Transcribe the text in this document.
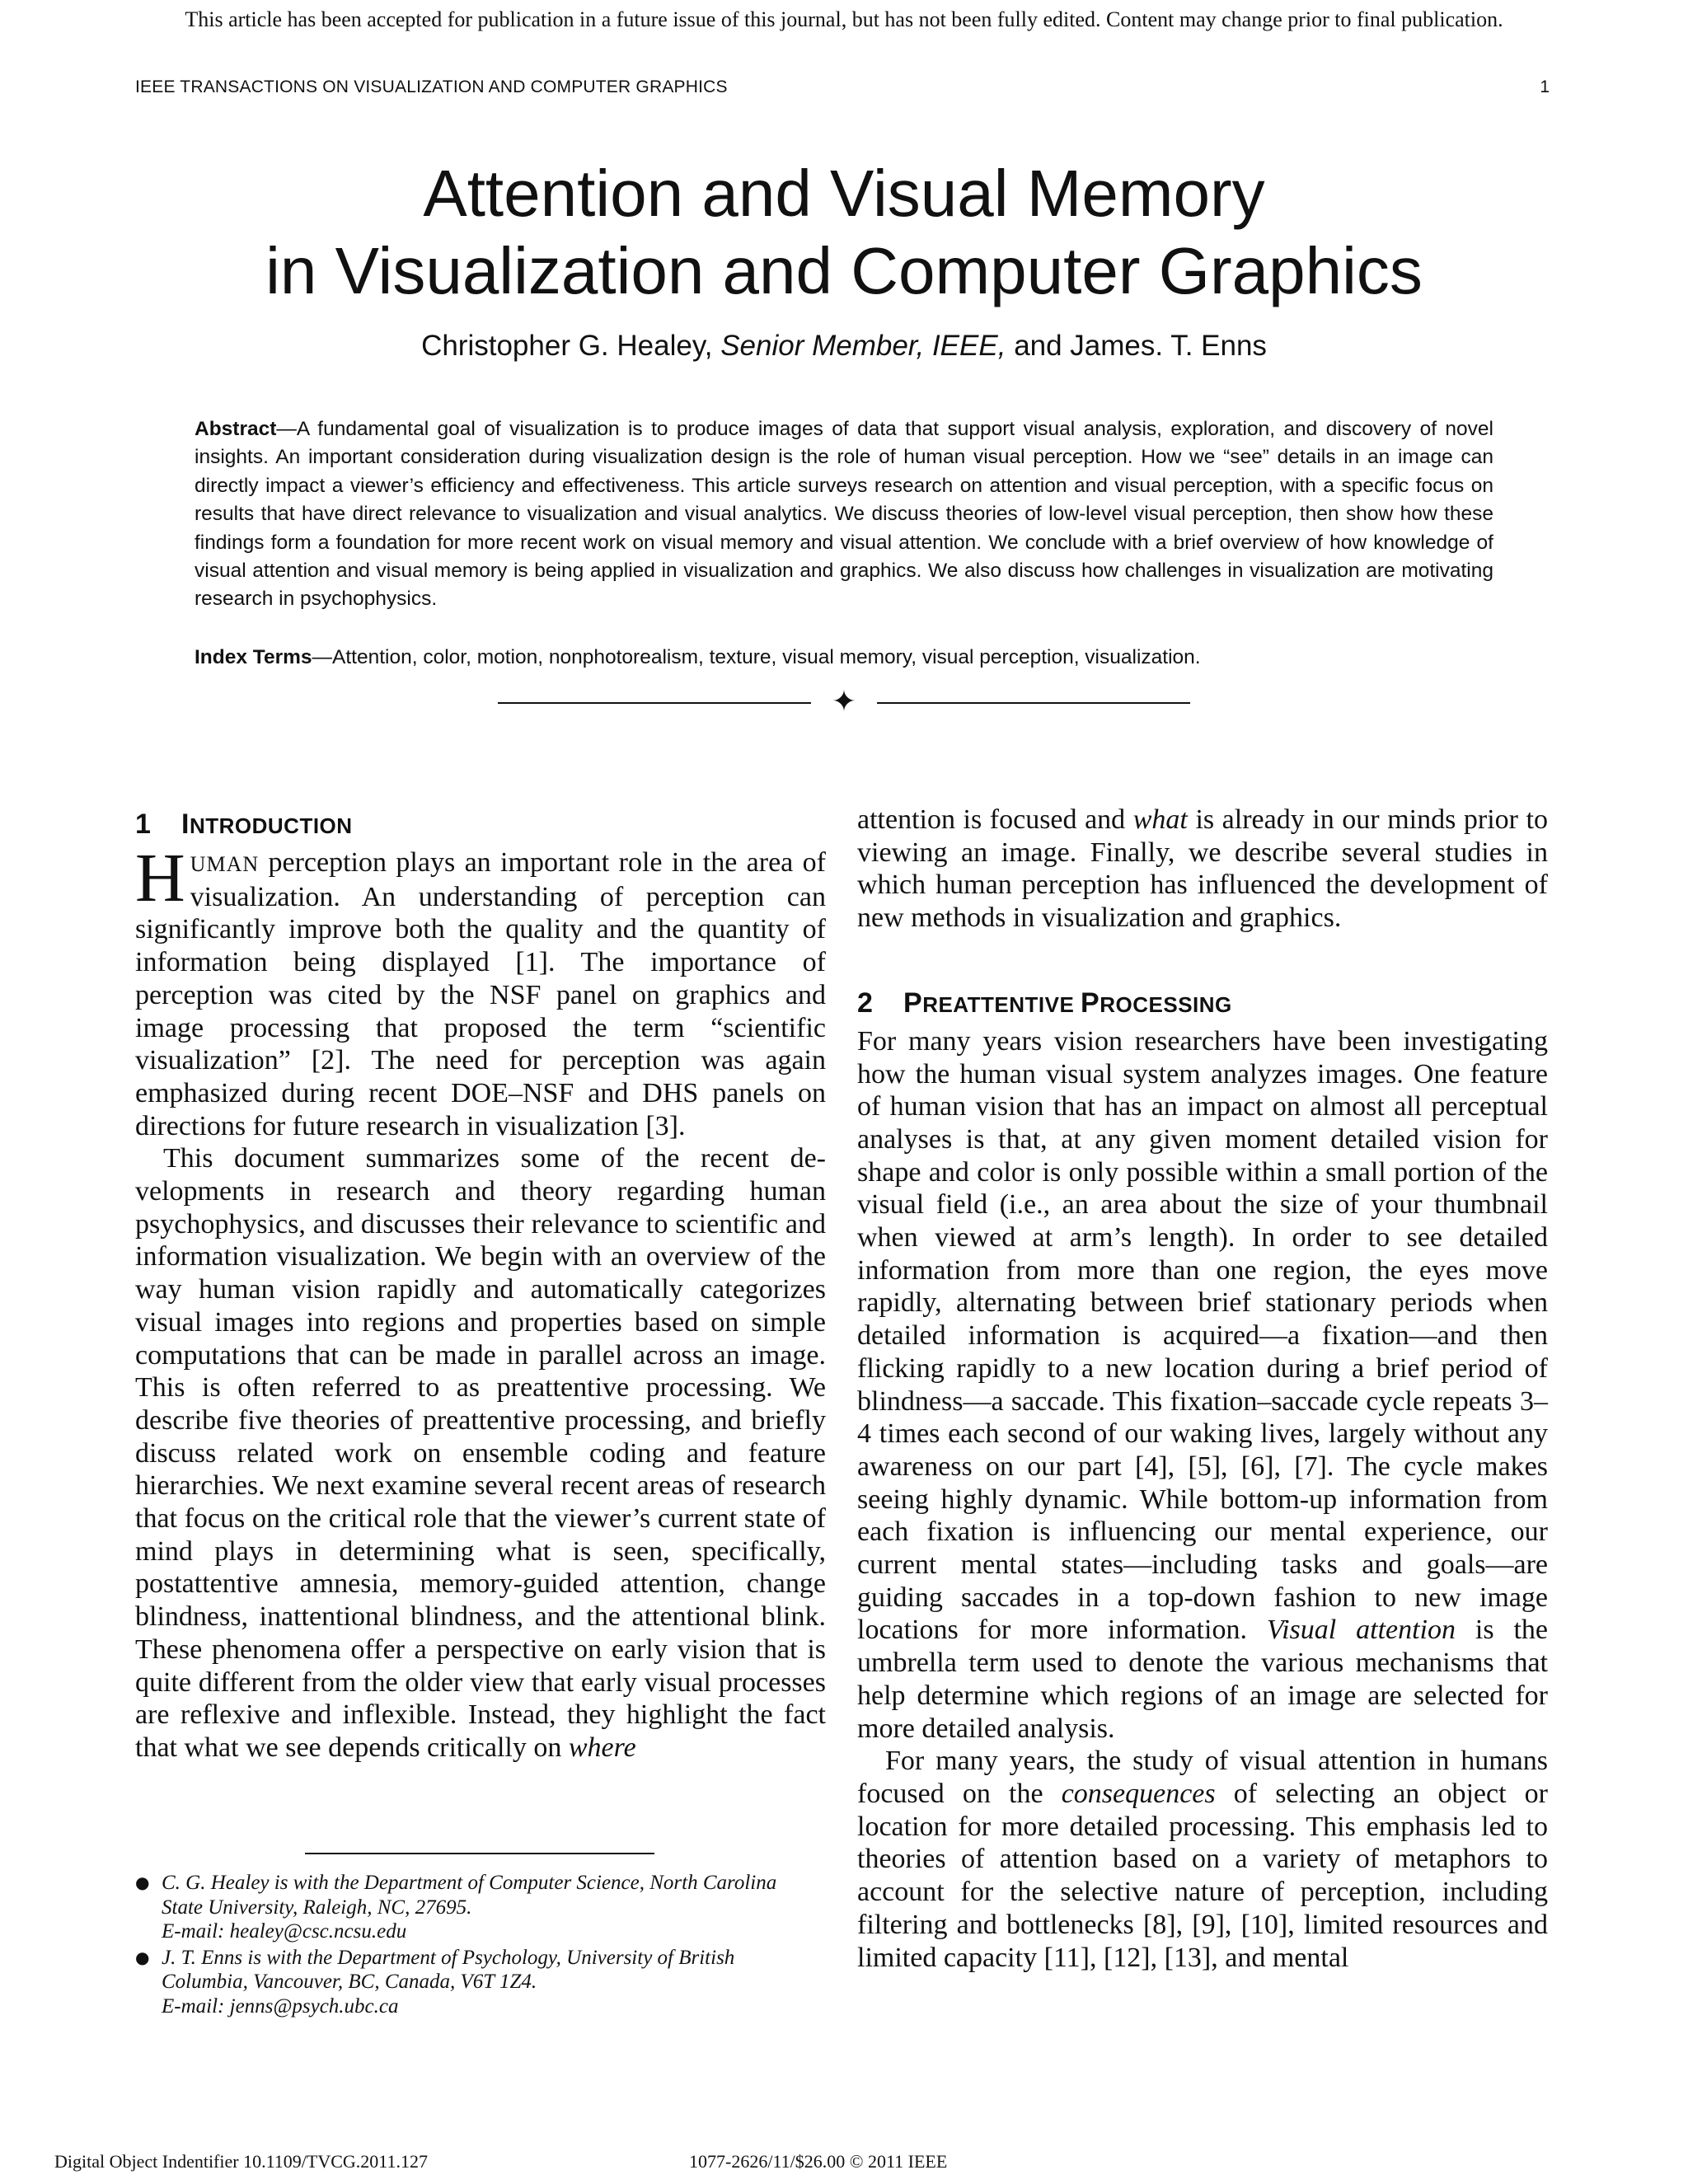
This article has been accepted for publication in a future issue of this journal, but has not been fully edited. Content may change prior to final publication.
IEEE TRANSACTIONS ON VISUALIZATION AND COMPUTER GRAPHICS	1
Attention and Visual Memory
in Visualization and Computer Graphics
Christopher G. Healey, Senior Member, IEEE, and James. T. Enns

Abstract—A fundamental goal of visualization is to produce images of data that support visual analysis, exploration, and discovery of novel insights. An important consideration during visualization design is the role of human visual perception. How we “see” details in an image can directly impact a viewer’s efficiency and effectiveness. This article surveys research on attention and visual perception, with a specific focus on results that have direct relevance to visualization and visual analytics. We discuss theories of low-level visual perception, then show how these findings form a foundation for more recent work on visual memory and visual attention. We conclude with a brief overview of how knowledge of visual attention and visual memory is being applied in visualization and graphics. We also discuss how challenges in visualization are motivating research in psychophysics.

Index Terms—Attention, color, motion, nonphotorealism, texture, visual memory, visual perception, visualization.

✦
1 INTRODUCTION

HUMAN perception plays an important role in the area of visualization. An understanding of perception can significantly improve both the quality and the quantity of information being displayed [1]. The importance of perception was cited by the NSF panel on graphics and image processing that proposed the term “scientific visualization” [2]. The need for perception was again emphasized during recent DOE–NSF and DHS panels on directions for future research in visualization [3].

This document summarizes some of the recent developments in research and theory regarding human psychophysics, and discusses their relevance to scientific and information visualization. We begin with an overview of the way human vision rapidly and automatically categorizes visual images into regions and properties based on simple computations that can be made in parallel across an image. This is often referred to as preattentive processing. We describe five theories of preattentive processing, and briefly discuss related work on ensemble coding and feature hierarchies. We next examine several recent areas of research that focus on the critical role that the viewer’s current state of mind plays in determining what is seen, specifically, postattentive amnesia, memory-guided attention, change blindness, inattentional blindness, and the attentional blink. These phenomena offer a perspective on early vision that is quite different from the older view that early visual processes are reflexive and inflexible. Instead, they highlight the fact that what we see depends critically on where

attention is focused and what is already in our minds prior to viewing an image. Finally, we describe several studies in which human perception has influenced the development of new methods in visualization and graphics.

2 PREATTENTIVE PROCESSING

For many years vision researchers have been investigating how the human visual system analyzes images. One feature of human vision that has an impact on almost all perceptual analyses is that, at any given moment detailed vision for shape and color is only possible within a small portion of the visual field (i.e., an area about the size of your thumbnail when viewed at arm’s length). In order to see detailed information from more than one region, the eyes move rapidly, alternating between brief stationary periods when detailed information is acquired—a fixation—and then flicking rapidly to a new location during a brief period of blindness—a saccade. This fixation–saccade cycle repeats 3–4 times each second of our waking lives, largely without any awareness on our part [4], [5], [6], [7]. The cycle makes seeing highly dynamic. While bottom-up information from each fixation is influencing our mental experience, our current mental states—including tasks and goals—are guiding saccades in a top-down fashion to new image locations for more information. Visual attention is the umbrella term used to denote the various mechanisms that help determine which regions of an image are selected for more detailed analysis.

For many years, the study of visual attention in humans focused on the consequences of selecting an object or location for more detailed processing. This emphasis led to theories of attention based on a variety of metaphors to account for the selective nature of perception, including filtering and bottlenecks [8], [9], [10], limited resources and limited capacity [11], [12], [13], and mental

● C. G. Healey is with the Department of Computer Science, North Carolina
State University, Raleigh, NC, 27695.
E-mail: healey@csc.ncsu.edu
● J. T. Enns is with the Department of Psychology, University of British
Columbia, Vancouver, BC, Canada, V6T 1Z4.
E-mail: jenns@psych.ubc.ca
Digital Object Indentifier 10.1109/TVCG.2011.127	1077-2626/11/$26.00 © 2011 IEEE
